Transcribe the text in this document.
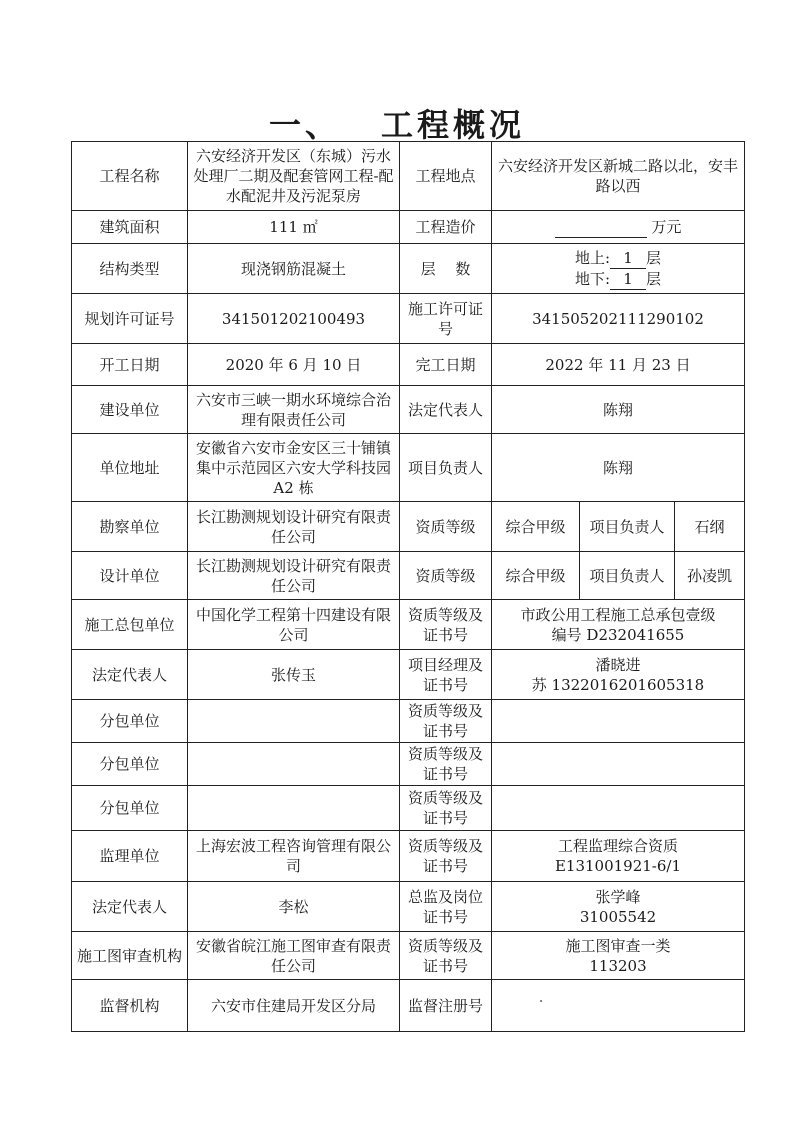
一、 工程概况
工程名称	六安经济开发区（东城）污水处理厂二期及配套管网工程-配水配泥井及污泥泵房	工程地点	六安经济开发区新城二路以北，安丰路以西		
建筑面积	111 ㎡	工程造价	万元		
结构类型	现浇钢筋混凝土	层　 数	地上: 1 层
地下: 1 层		

规划许可证号	341501202100493	施工许可证号	341505202111290102		
开工日期	2020 年 6 月 10 日	完工日期	2022 年 11 月 23 日		
建设单位	六安市三峡一期水环境综合治理有限责任公司	法定代表人	陈翔		
单位地址	安徽省六安市金安区三十铺镇集中示范园区六安大学科技园 A2 栋	项目负责人	陈翔		
勘察单位	长江勘测规划设计研究有限责任公司	资质等级	综合甲级	项目负责人	石纲
设计单位	长江勘测规划设计研究有限责任公司	资质等级	综合甲级	项目负责人	孙凌凯
施工总包单位	中国化学工程第十四建设有限公司	资质等级及证书号	市政公用工程施工总承包壹级
编号 D232041655		

法定代表人	张传玉	项目经理及证书号	潘晓进
苏 1322016201605318		

分包单位		资质等级及证书号			
分包单位		资质等级及证书号			
分包单位		资质等级及证书号			
监理单位	上海宏波工程咨询管理有限公司	资质等级及证书号	工程监理综合资质
E131001921-6/1		

法定代表人	李松	总监及岗位证书号	张学峰
31005542		

施工图审查机构	安徽省皖江施工图审查有限责任公司	资质等级及证书号	施工图审查一类
113203		

监督机构	六安市住建局开发区分局	监督注册号			
